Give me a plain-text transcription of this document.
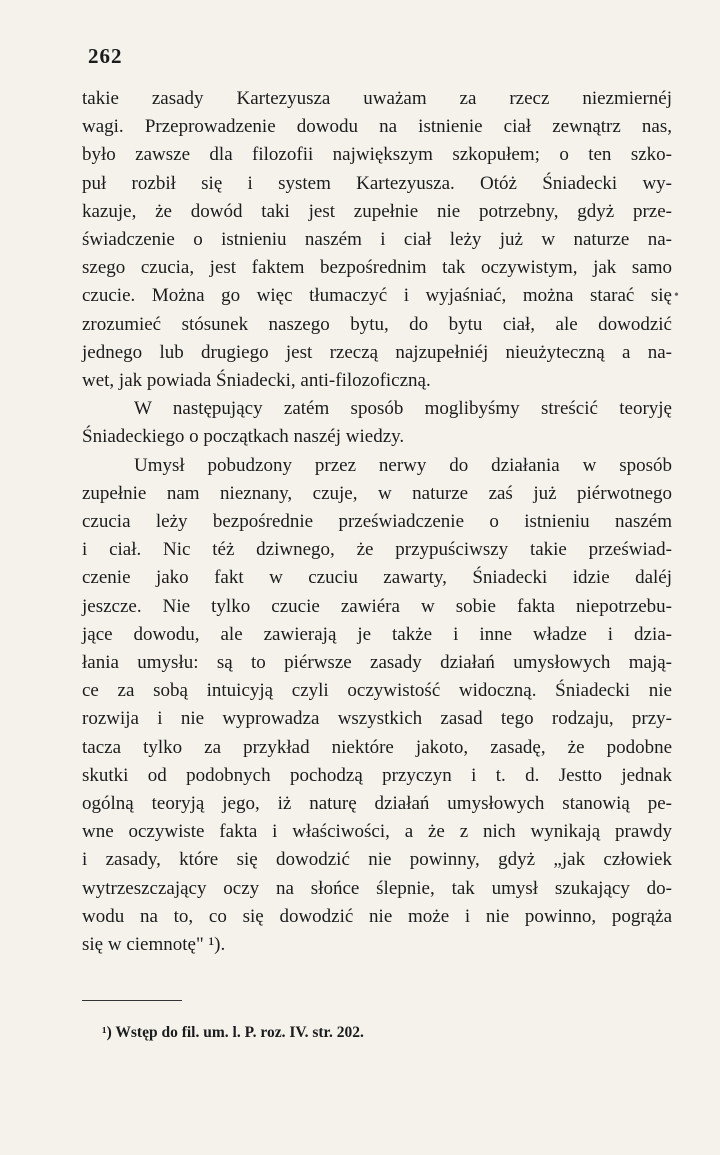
262
•
takie zasady Kartezyusza uważam za rzecz niezmiernéj
wagi. Przeprowadzenie dowodu na istnienie ciał zewnątrz nas,
było zawsze dla filozofii największym szkopułem; o ten szko-
puł rozbił się i system Kartezyusza. Otóż Śniadecki wy-
kazuje, że dowód taki jest zupełnie nie potrzebny, gdyż prze-
świadczenie o istnieniu naszém i ciał leży już w naturze na-
szego czucia, jest faktem bezpośrednim tak oczywistym, jak samo
czucie. Można go więc tłumaczyć i wyjaśniać, można starać się
zrozumieć stósunek naszego bytu, do bytu ciał, ale dowodzić
jednego lub drugiego jest rzeczą najzupełniéj nieużyteczną a na-
wet, jak powiada Śniadecki, anti-filozoficzną.
W następujący zatém sposób moglibyśmy streścić teoryję
Śniadeckiego o początkach naszéj wiedzy.
Umysł pobudzony przez nerwy do działania w sposób
zupełnie nam nieznany, czuje, w naturze zaś już piérwotnego
czucia leży bezpośrednie przeświadczenie o istnieniu naszém
i ciał. Nic téż dziwnego, że przypuściwszy takie przeświad-
czenie jako fakt w czuciu zawarty, Śniadecki idzie daléj
jeszcze. Nie tylko czucie zawiéra w sobie fakta niepotrzebu-
jące dowodu, ale zawierają je także i inne władze i dzia-
łania umysłu: są to piérwsze zasady działań umysłowych mają-
ce za sobą intuicyją czyli oczywistość widoczną. Śniadecki nie
rozwija i nie wyprowadza wszystkich zasad tego rodzaju, przy-
tacza tylko za przykład niektóre jakoto, zasadę, że podobne
skutki od podobnych pochodzą przyczyn i t. d. Jestto jednak
ogólną teoryją jego, iż naturę działań umysłowych stanowią pe-
wne oczywiste fakta i właściwości, a że z nich wynikają prawdy
i zasady, które się dowodzić nie powinny, gdyż „jak człowiek
wytrzeszczający oczy na słońce ślepnie, tak umysł szukający do-
wodu na to, co się dowodzić nie może i nie powinno, pogrąża
się w ciemnotę" ¹).
¹) Wstęp do fil. um. l. P. roz. IV. str. 202.
